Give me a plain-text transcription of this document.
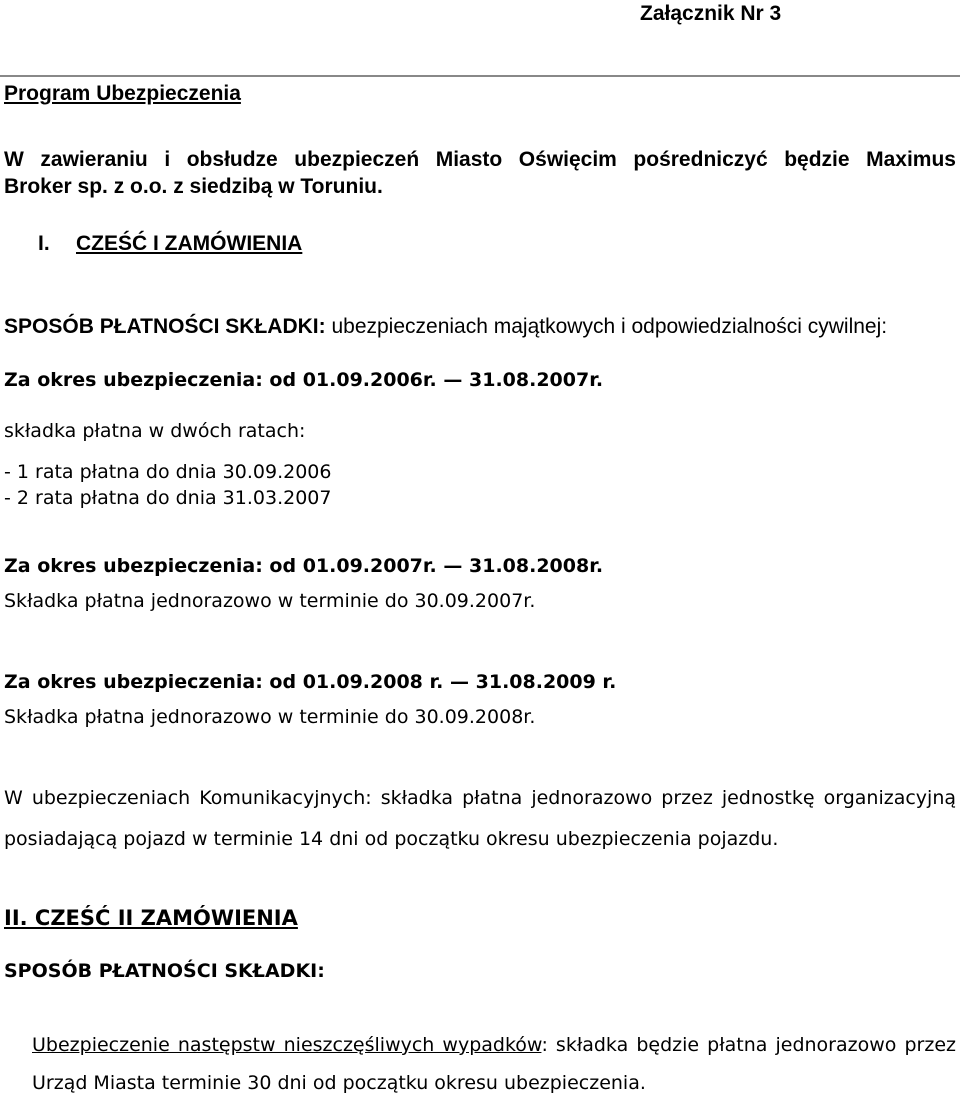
Załącznik Nr 3

Program Ubezpieczenia

W zawieraniu i obsłudze ubezpieczeń Miasto Oświęcim pośredniczyć będzie Maximus

Broker sp. z o.o. z siedzibą w Toruniu.

I. CZEŚĆ I ZAMÓWIENIA

SPOSÓB PŁATNOŚCI SKŁADKI: ubezpieczeniach majątkowych i odpowiedzialności cywilnej:

Za okres ubezpieczenia: od 01.09.2006r. — 31.08.2007r.

składka płatna w dwóch ratach:

- 1 rata płatna do dnia 30.09.2006

- 2 rata płatna do dnia 31.03.2007

Za okres ubezpieczenia: od 01.09.2007r. — 31.08.2008r.

Składka płatna jednorazowo w terminie do 30.09.2007r.

Za okres ubezpieczenia: od 01.09.2008 r. — 31.08.2009 r.

Składka płatna jednorazowo w terminie do 30.09.2008r.

W ubezpieczeniach Komunikacyjnych: składka płatna jednorazowo przez jednostkę organizacyjną

posiadającą pojazd w terminie 14 dni od początku okresu ubezpieczenia pojazdu.

II. CZEŚĆ II ZAMÓWIENIA

SPOSÓB PŁATNOŚCI SKŁADKI:

Ubezpieczenie następstw nieszczęśliwych wypadków: składka będzie płatna jednorazowo przez

Urząd Miasta terminie 30 dni od początku okresu ubezpieczenia.
